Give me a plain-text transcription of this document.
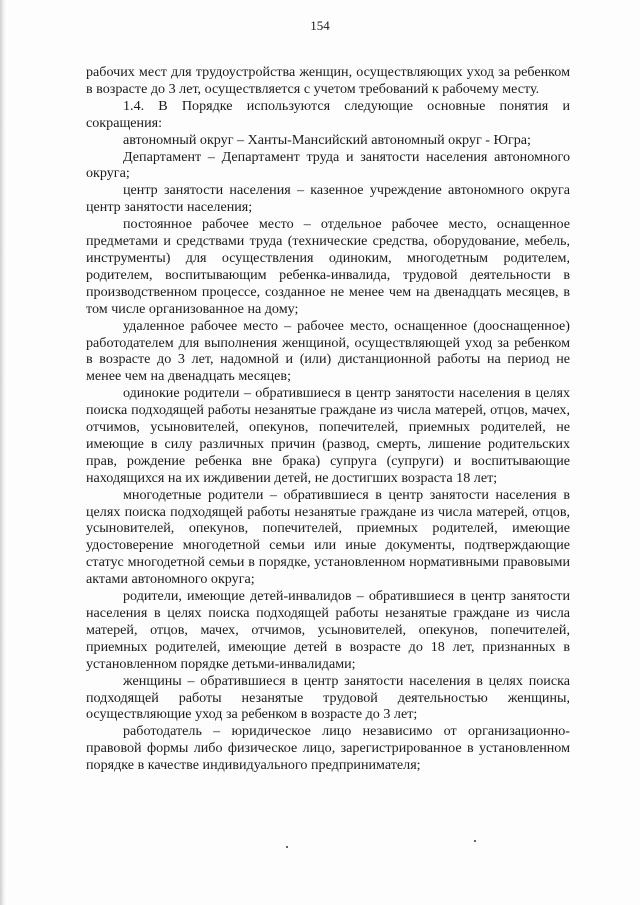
154

рабочих мест для трудоустройства женщин, осуществляющих уход за ребенком в возрасте до 3 лет, осуществляется с учетом требований к рабочему месту.

1.4. В Порядке используются следующие основные понятия и сокращения:

автономный округ – Ханты-Мансийский автономный округ - Югра;

Департамент – Департамент труда и занятости населения автономного округа;

центр занятости населения – казенное учреждение автономного округа центр занятости населения;

постоянное рабочее место – отдельное рабочее место, оснащенное предметами и средствами труда (технические средства, оборудование, мебель, инструменты) для осуществления одиноким, многодетным родителем, родителем, воспитывающим ребенка-инвалида, трудовой деятельности в производственном процессе, созданное не менее чем на двенадцать месяцев, в том числе организованное на дому;

удаленное рабочее место – рабочее место, оснащенное (дооснащенное) работодателем для выполнения женщиной, осуществляющей уход за ребенком в возрасте до 3 лет, надомной и (или) дистанционной работы на период не менее чем на двенадцать месяцев;

одинокие родители – обратившиеся в центр занятости населения в целях поиска подходящей работы незанятые граждане из числа матерей, отцов, мачех, отчимов, усыновителей, опекунов, попечителей, приемных родителей, не имеющие в силу различных причин (развод, смерть, лишение родительских прав, рождение ребенка вне брака) супруга (супруги) и воспитывающие находящихся на их иждивении детей, не достигших возраста 18 лет;

многодетные родители – обратившиеся в центр занятости населения в целях поиска подходящей работы незанятые граждане из числа матерей, отцов, усыновителей, опекунов, попечителей, приемных родителей, имеющие удостоверение многодетной семьи или иные документы, подтверждающие статус многодетной семьи в порядке, установленном нормативными правовыми актами автономного округа;

родители, имеющие детей-инвалидов – обратившиеся в центр занятости населения в целях поиска подходящей работы незанятые граждане из числа матерей, отцов, мачех, отчимов, усыновителей, опекунов, попечителей, приемных родителей, имеющие детей в возрасте до 18 лет, признанных в установленном порядке детьми-инвалидами;

женщины – обратившиеся в центр занятости населения в целях поиска подходящей работы незанятые трудовой деятельностью женщины, осуществляющие уход за ребенком в возрасте до 3 лет;

работодатель – юридическое лицо независимо от организационно-правовой формы либо физическое лицо, зарегистрированное в установленном порядке в качестве индивидуального предпринимателя;
